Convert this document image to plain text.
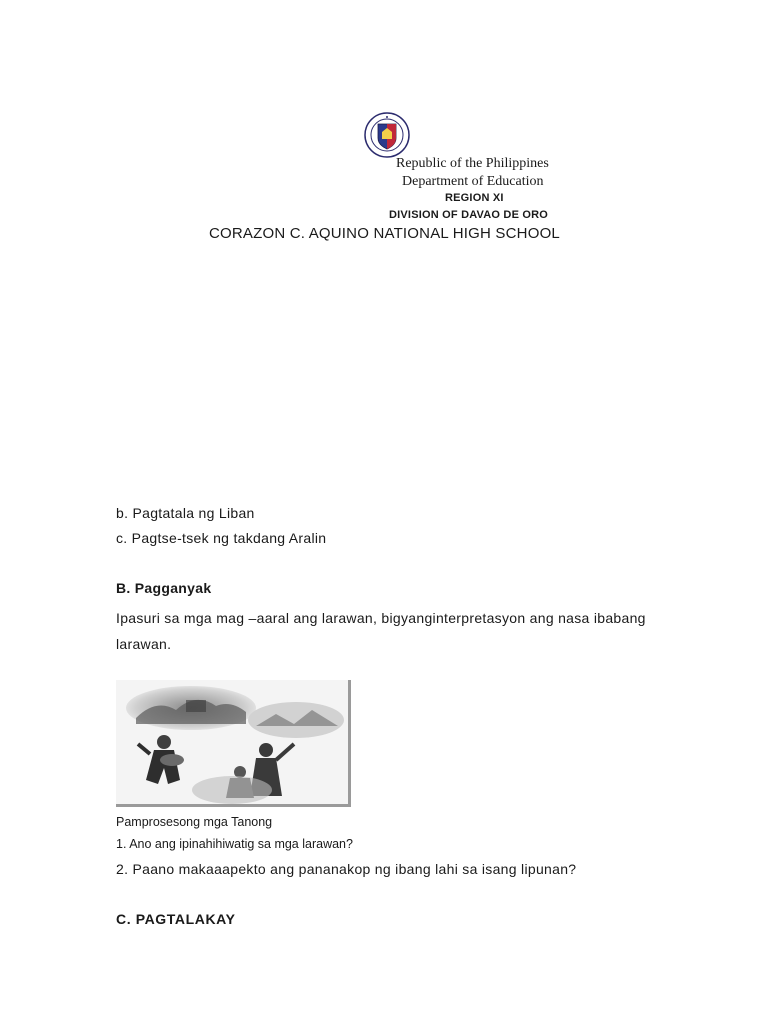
Republic of the Philippines
Department of Education
REGION XI
DIVISION OF DAVAO DE ORO
CORAZON C. AQUINO NATIONAL HIGH SCHOOL
b. Pagtatala ng Liban
c. Pagtse-tsek ng takdang Aralin
B. Pagganyak
Ipasuri sa mga mag –aaral ang larawan, bigyanginterpretasyon ang nasa ibabang larawan.
Pamprosesong mga Tanong
1. Ano ang ipinahihiwatig sa mga larawan?
2. Paano makaaapekto ang pananakop ng ibang lahi sa isang lipunan?
C. PAGTALAKAY
